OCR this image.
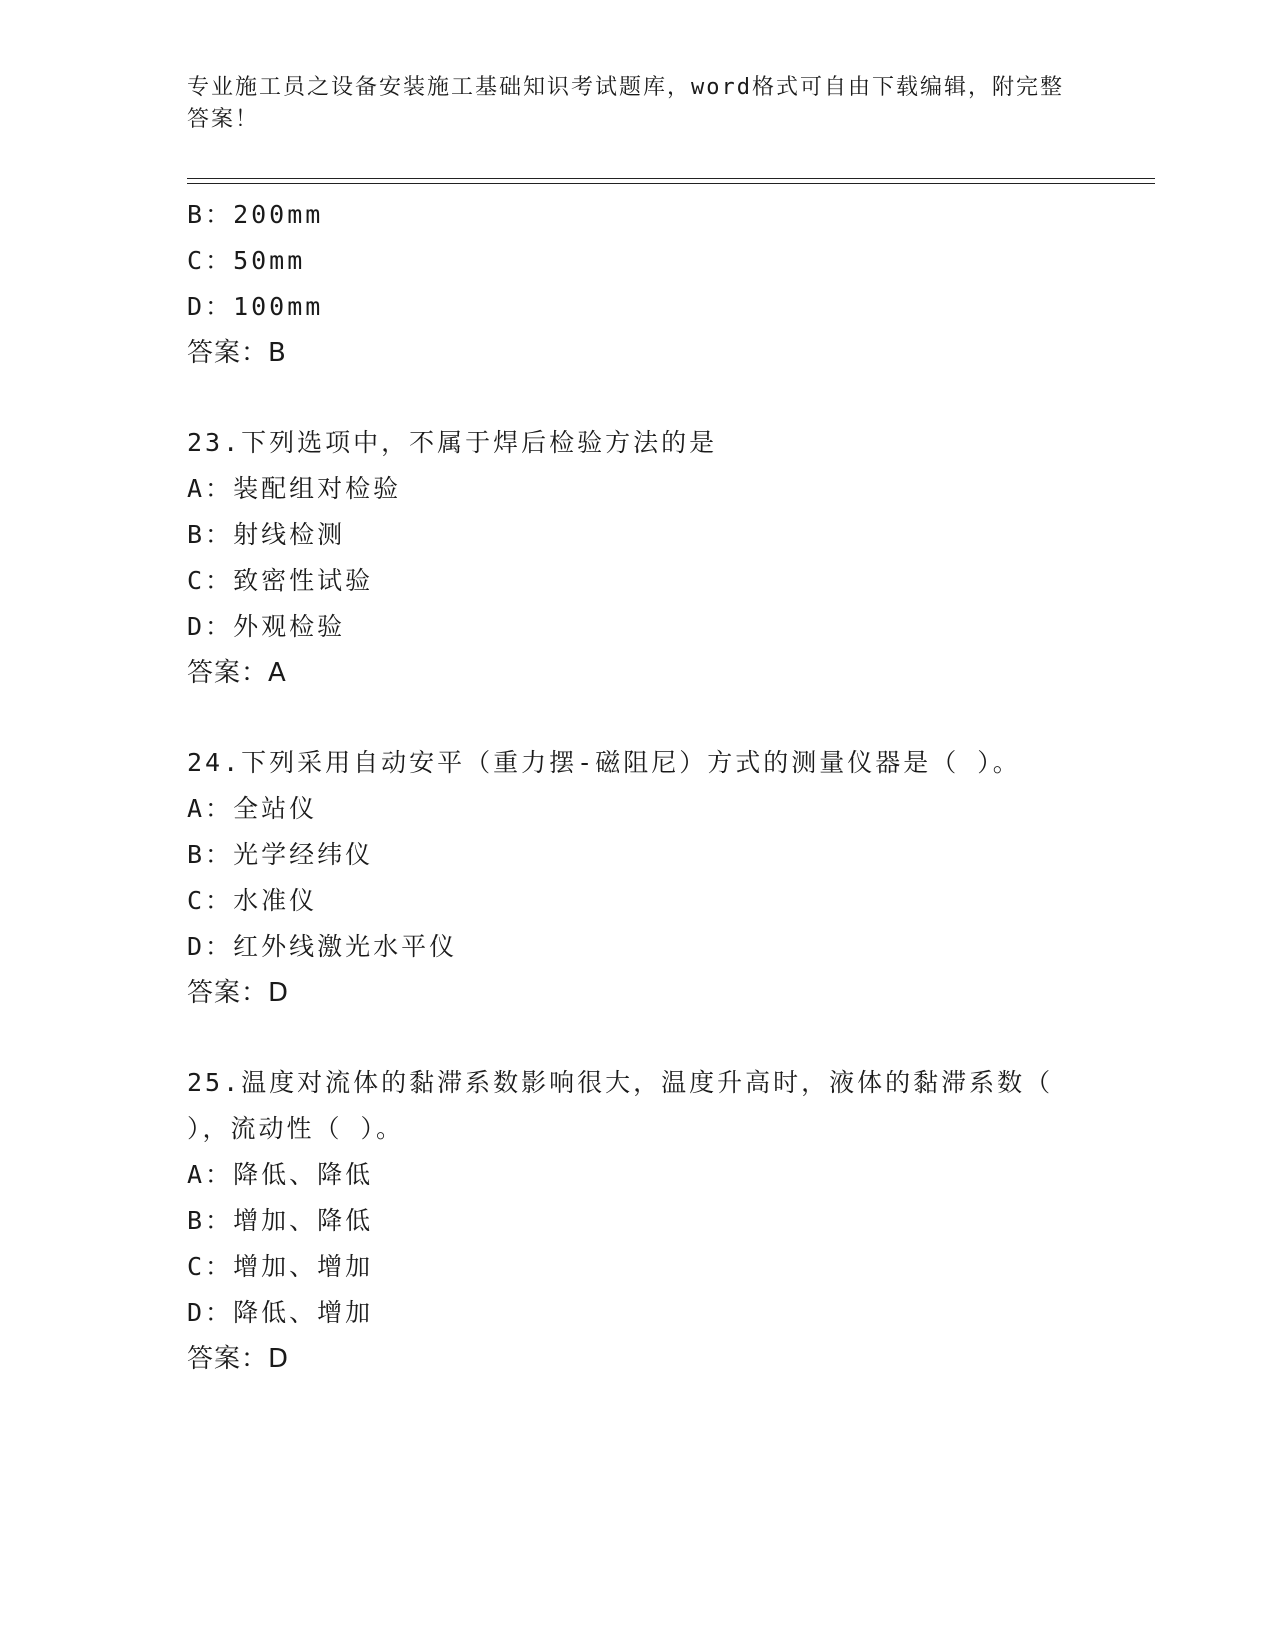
专业施工员之设备安装施工基础知识考试题库，word格式可自由下载编辑，附完整答案！
B：200mm
C：50mm
D：100mm
答案：B
23.下列选项中，不属于焊后检验方法的是
A：装配组对检验
B：射线检测
C：致密性试验
D：外观检验
答案：A
24.下列采用自动安平（重力摆-磁阻尼）方式的测量仪器是（ ）。
A：全站仪
B：光学经纬仪
C：水准仪
D：红外线激光水平仪
答案：D
25.温度对流体的黏滞系数影响很大，温度升高时，液体的黏滞系数（ ），流动性（ ）。
A：降低、降低
B：增加、降低
C：增加、增加
D：降低、增加
答案：D
